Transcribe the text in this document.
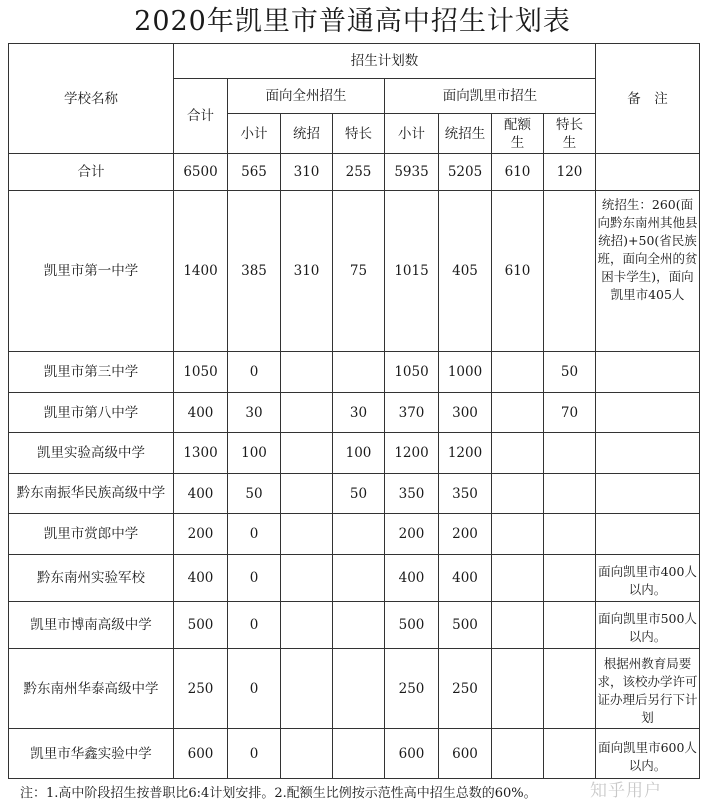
2020年凯里市普通高中招生计划表
学校名称	招生计划数								备　注
	合计	面向全州招生			面向凯里市招生				
		小计	统招	特长	小计	统招生	配额生	特长生	
合计	6500	565	310	255	5935	5205	610	120	
凯里市第一中学	1400	385	310	75	1015	405	610		统招生：260(面向黔东南州其他县统招)+50(省民族班，面向全州的贫困卡学生)，面向凯里市405人

凯里市第三中学	1050	0			1050	1000		50	
凯里市第八中学	400	30		30	370	300		70	
凯里实验高级中学	1300	100		100	1200	1200			
黔东南振华民族高级中学	400	50		50	350	350			
凯里市赏郎中学	200	0			200	200			
黔东南州实验军校	400	0			400	400			面向凯里市400人以内。
凯里市博南高级中学	500	0			500	500			面向凯里市500人以内。
黔东南州华泰高级中学	250	0			250	250			根据州教育局要求，该校办学许可证办理后另行下计划
凯里市华鑫实验中学	600	0			600	600			面向凯里市600人以内。
注：1.高中阶段招生按普职比6:4计划安排。2.配额生比例按示范性高中招生总数的60%。	知乎用户
